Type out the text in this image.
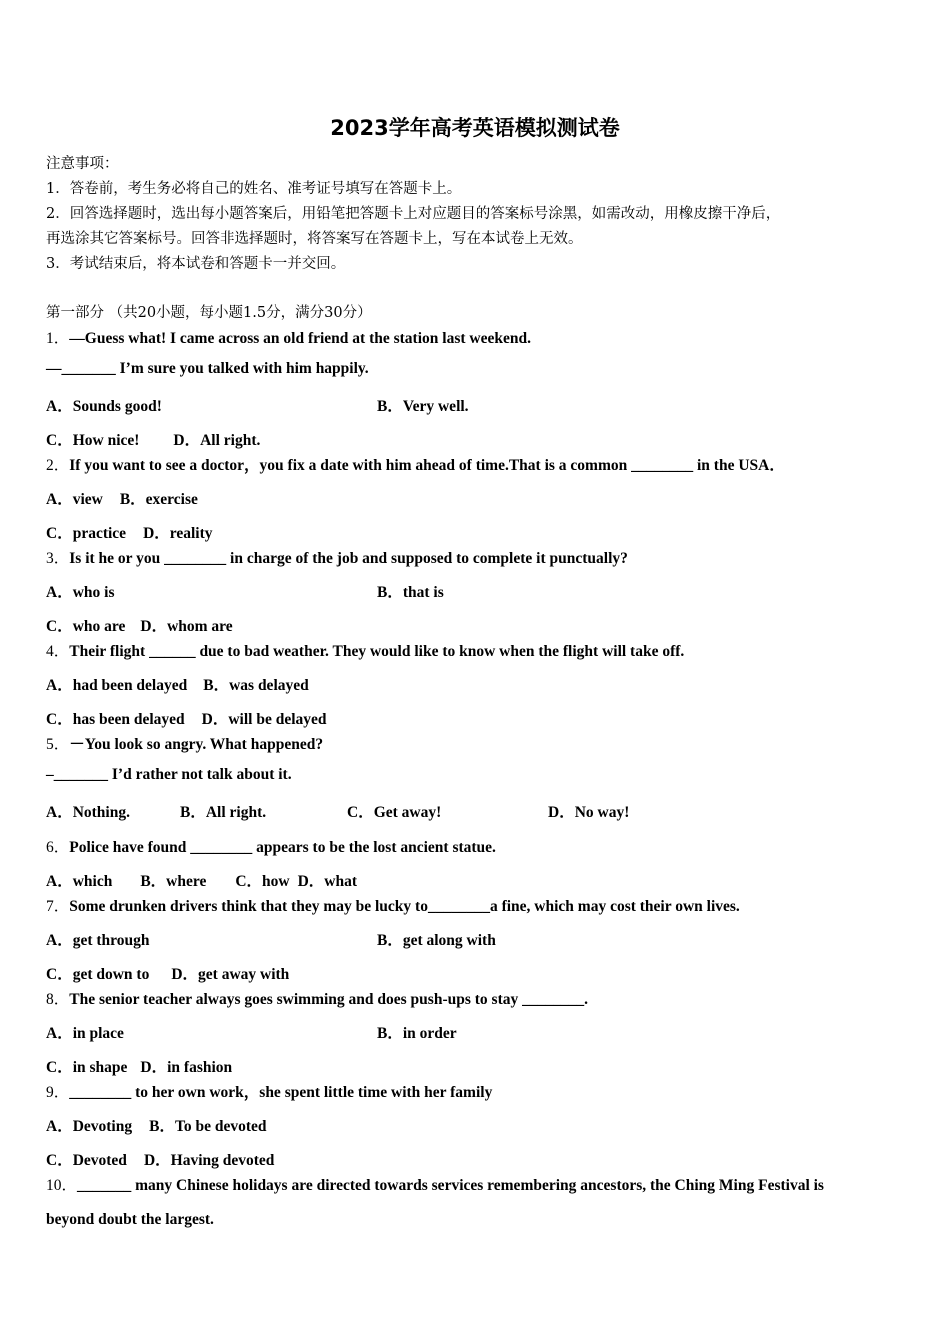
2023学年高考英语模拟测试卷
注意事项：
1．答卷前，考生务必将自己的姓名、准考证号填写在答题卡上。
2．回答选择题时，选出每小题答案后，用铅笔把答题卡上对应题目的答案标号涂黑，如需改动，用橡皮擦干净后，
再选涂其它答案标号。回答非选择题时，将答案写在答题卡上，写在本试卷上无效。
3．考试结束后，将本试卷和答题卡一并交回。
第一部分 （共20小题，每小题1.5分，满分30分）
1．—Guess what! I came across an old friend at the station last weekend.
—_______ I’m sure you talked with him happily.
A．Sounds good!	B．Very well.
C．How nice! D．All right.
2．If you want to see a doctor，you fix a date with him ahead of time.That is a common ________ in the USA．
A．view B．exercise
C．practice D．reality
3．Is it he or you ________ in charge of the job and supposed to complete it punctually?
A．who is	B．that is
C．who are D．whom are
4．Their flight ______ due to bad weather. They would like to know when the flight will take off.
A．had been delayed B．was delayed
C．has been delayed D．will be delayed
5．－You look so angry. What happened?
–_______ I’d rather not talk about it.
A．Nothing.	B．All right.	C．Get away!	D．No way!
6．Police have found ________ appears to be the lost ancient statue.
A．which B．where C．how D．what
7．Some drunken drivers think that they may be lucky to________a fine, which may cost their own lives.
A．get through	B．get along with
C．get down to D．get away with
8．The senior teacher always goes swimming and does push-ups to stay ________.
A．in place	B．in order
C．in shape D．in fashion
9．________ to her own work，she spent little time with her family
A．Devoting B．To be devoted
C．Devoted D．Having devoted
10．_______ many Chinese holidays are directed towards services remembering ancestors, the Ching Ming Festival is
beyond doubt the largest.
